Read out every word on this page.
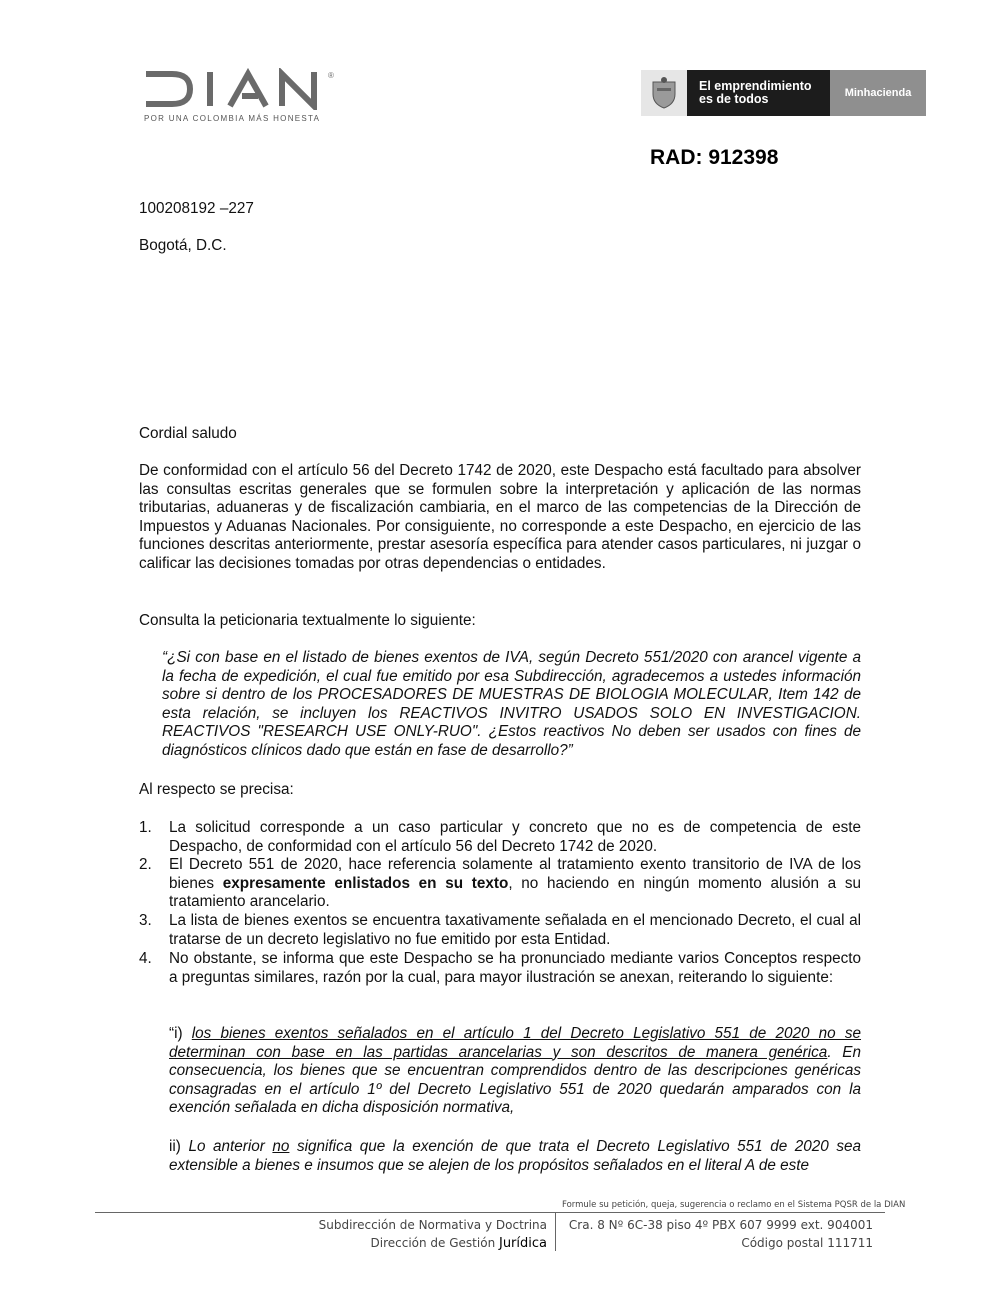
®
POR UNA COLOMBIA MÁS HONESTA
El emprendimiento
es de todos	Minhacienda
RAD: 912398
100208192 –227
Bogotá, D.C.
Cordial saludo
De conformidad con el artículo 56 del Decreto 1742 de 2020, este Despacho está facultado para absolver las consultas escritas generales que se formulen sobre la interpretación y aplicación de las normas tributarias, aduaneras y de fiscalización cambiaria, en el marco de las competencias de la Dirección de Impuestos y Aduanas Nacionales. Por consiguiente, no corresponde a este Despacho, en ejercicio de las funciones descritas anteriormente, prestar asesoría específica para atender casos particulares, ni juzgar o calificar las decisiones tomadas por otras dependencias o entidades.
Consulta la peticionaria textualmente lo siguiente:
“¿Si con base en el listado de bienes exentos de IVA, según Decreto 551/2020 con arancel vigente a la fecha de expedición, el cual fue emitido por esa Subdirección, agradecemos a ustedes información sobre si dentro de los PROCESADORES DE MUESTRAS DE BIOLOGIA MOLECULAR, Item 142 de esta relación, se incluyen los REACTIVOS INVITRO USADOS SOLO EN INVESTIGACION. REACTIVOS "RESEARCH USE ONLY-RUO". ¿Estos reactivos No deben ser usados con fines de diagnósticos clínicos dado que están en fase de desarrollo?”
Al respecto se precisa:
1. La solicitud corresponde a un caso particular y concreto que no es de competencia de este Despacho, de conformidad con el artículo 56 del Decreto 1742 de 2020.
2. El Decreto 551 de 2020, hace referencia solamente al tratamiento exento transitorio de IVA de los bienes expresamente enlistados en su texto, no haciendo en ningún momento alusión a su tratamiento arancelario.
3. La lista de bienes exentos se encuentra taxativamente señalada en el mencionado Decreto, el cual al tratarse de un decreto legislativo no fue emitido por esta Entidad.
4. No obstante, se informa que este Despacho se ha pronunciado mediante varios Conceptos respecto a preguntas similares, razón por la cual, para mayor ilustración se anexan, reiterando lo siguiente:
“i) los bienes exentos señalados en el artículo 1 del Decreto Legislativo 551 de 2020 no se determinan con base en las partidas arancelarias y son descritos de manera genérica. En consecuencia, los bienes que se encuentran comprendidos dentro de las descripciones genéricas consagradas en el artículo 1º del Decreto Legislativo 551 de 2020 quedarán amparados con la exención señalada en dicha disposición normativa,
ii) Lo anterior no significa que la exención de que trata el Decreto Legislativo 551 de 2020 sea extensible a bienes e insumos que se alejen de los propósitos señalados en el literal A de este
Formule su petición, queja, sugerencia o reclamo en el Sistema PQSR de la DIAN
Subdirección de Normativa y Doctrina
Dirección de Gestión Jurídica
Cra. 8 Nº 6C-38 piso 4º PBX 607 9999 ext. 904001
Código postal 111711
